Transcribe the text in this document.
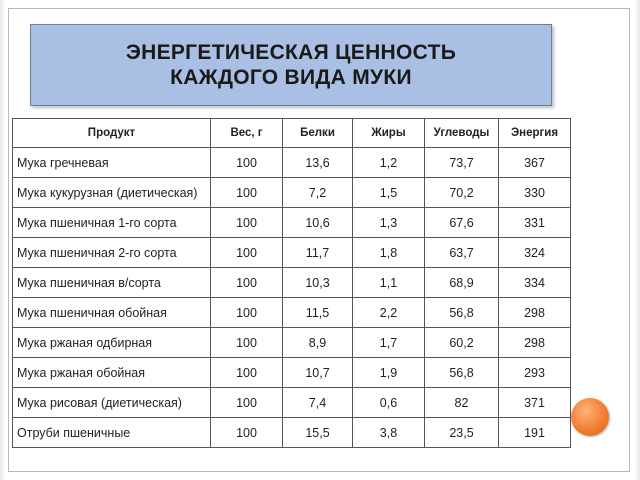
ЭНЕРГЕТИЧЕСКАЯ ЦЕННОСТЬ
КАЖДОГО ВИДА МУКИ
Продукт	Вес, г	Белки	Жиры	Углеводы	Энергия
Мука гречневая	100	13,6	1,2	73,7	367
Мука кукурузная (диетическая)	100	7,2	1,5	70,2	330
Мука пшеничная 1-го сорта	100	10,6	1,3	67,6	331
Мука пшеничная 2-го сорта	100	11,7	1,8	63,7	324
Мука пшеничная в/сорта	100	10,3	1,1	68,9	334
Мука пшеничная обойная	100	11,5	2,2	56,8	298
Мука ржаная одбирная	100	8,9	1,7	60,2	298
Мука ржаная обойная	100	10,7	1,9	56,8	293
Мука рисовая (диетическая)	100	7,4	0,6	82	371
Отруби пшеничные	100	15,5	3,8	23,5	191
